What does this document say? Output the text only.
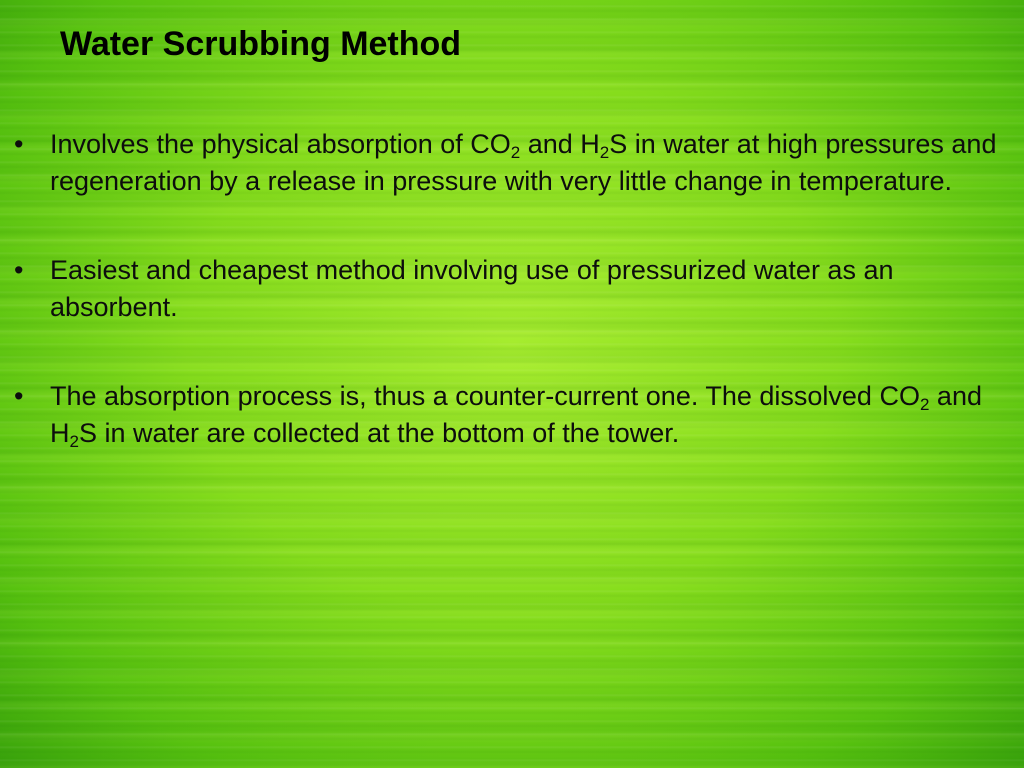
Water Scrubbing Method
• Involves the physical absorption of $CO_2$ and $H_2S$ in water at high pressures and regeneration by a release in pressure with very little change in temperature.
• Easiest and cheapest method involving use of pressurized water as an absorbent.
• The absorption process is, thus a counter-current one. The dissolved $CO_2$ and $H_2S$ in water are collected at the bottom of the tower.
